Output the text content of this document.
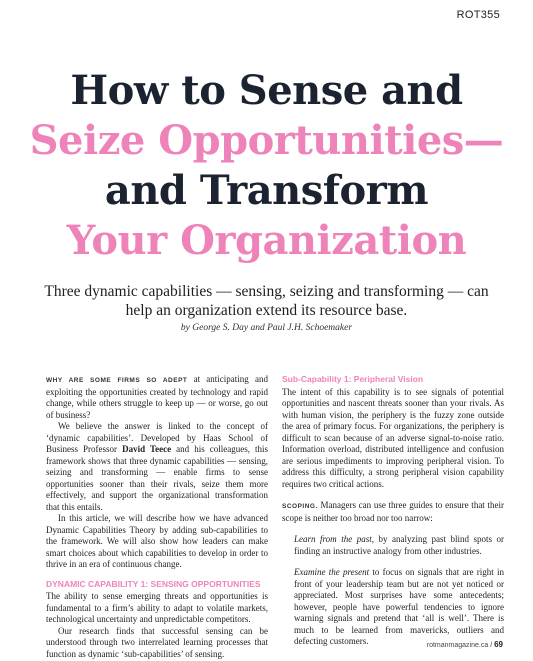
ROT355
How to Sense and
Seize Opportunities—
and Transform
Your Organization
Three dynamic capabilities — sensing, seizing and transforming — can help an organization extend its resource base.
by George S. Day and Paul J.H. Schoemaker

WHY ARE SOME FIRMS SO ADEPT at anticipating and exploiting the opportunities created by technology and rapid change, while others struggle to keep up — or worse, go out of business?

We believe the answer is linked to the concept of ‘dynamic capabilities’. Developed by Haas School of Business Professor David Teece and his colleagues, this framework shows that three dynamic capabilities — sensing, seizing and transforming — enable firms to sense opportunities sooner than their rivals, seize them more effectively, and support the organizational transformation that this entails.

In this article, we will describe how we have advanced Dynamic Capabilities Theory by adding sub-capabilities to the framework. We will also show how leaders can make smart choices about which capabilities to develop in order to thrive in an era of continuous change.

DYNAMIC CAPABILITY 1: SENSING OPPORTUNITIES

The ability to sense emerging threats and opportunities is fundamental to a firm’s ability to adapt to volatile markets, technological uncertainty and unpredictable competitors.

Our research finds that successful sensing can be understood through two interrelated learning processes that function as dynamic ‘sub-capabilities’ of sensing.

Sub-Capability 1: Peripheral Vision

The intent of this capability is to see signals of potential opportunities and nascent threats sooner than your rivals. As with human vision, the periphery is the fuzzy zone outside the area of primary focus. For organizations, the periphery is difficult to scan because of an adverse signal-to-noise ratio. Information overload, distributed intelligence and confusion are serious impediments to improving peripheral vision. To address this difficulty, a strong peripheral vision capability requires two critical actions.

SCOPING. Managers can use three guides to ensure that their scope is neither too broad nor too narrow:

Learn from the past, by analyzing past blind spots or finding an instructive analogy from other industries.

Examine the present to focus on signals that are right in front of your leadership team but are not yet noticed or appreciated. Most surprises have some antecedents; however, people have powerful tendencies to ignore warning signals and pretend that ‘all is well’. There is much to be learned from mavericks, outliers and defecting customers.	rotmanmagazine.ca / 69
